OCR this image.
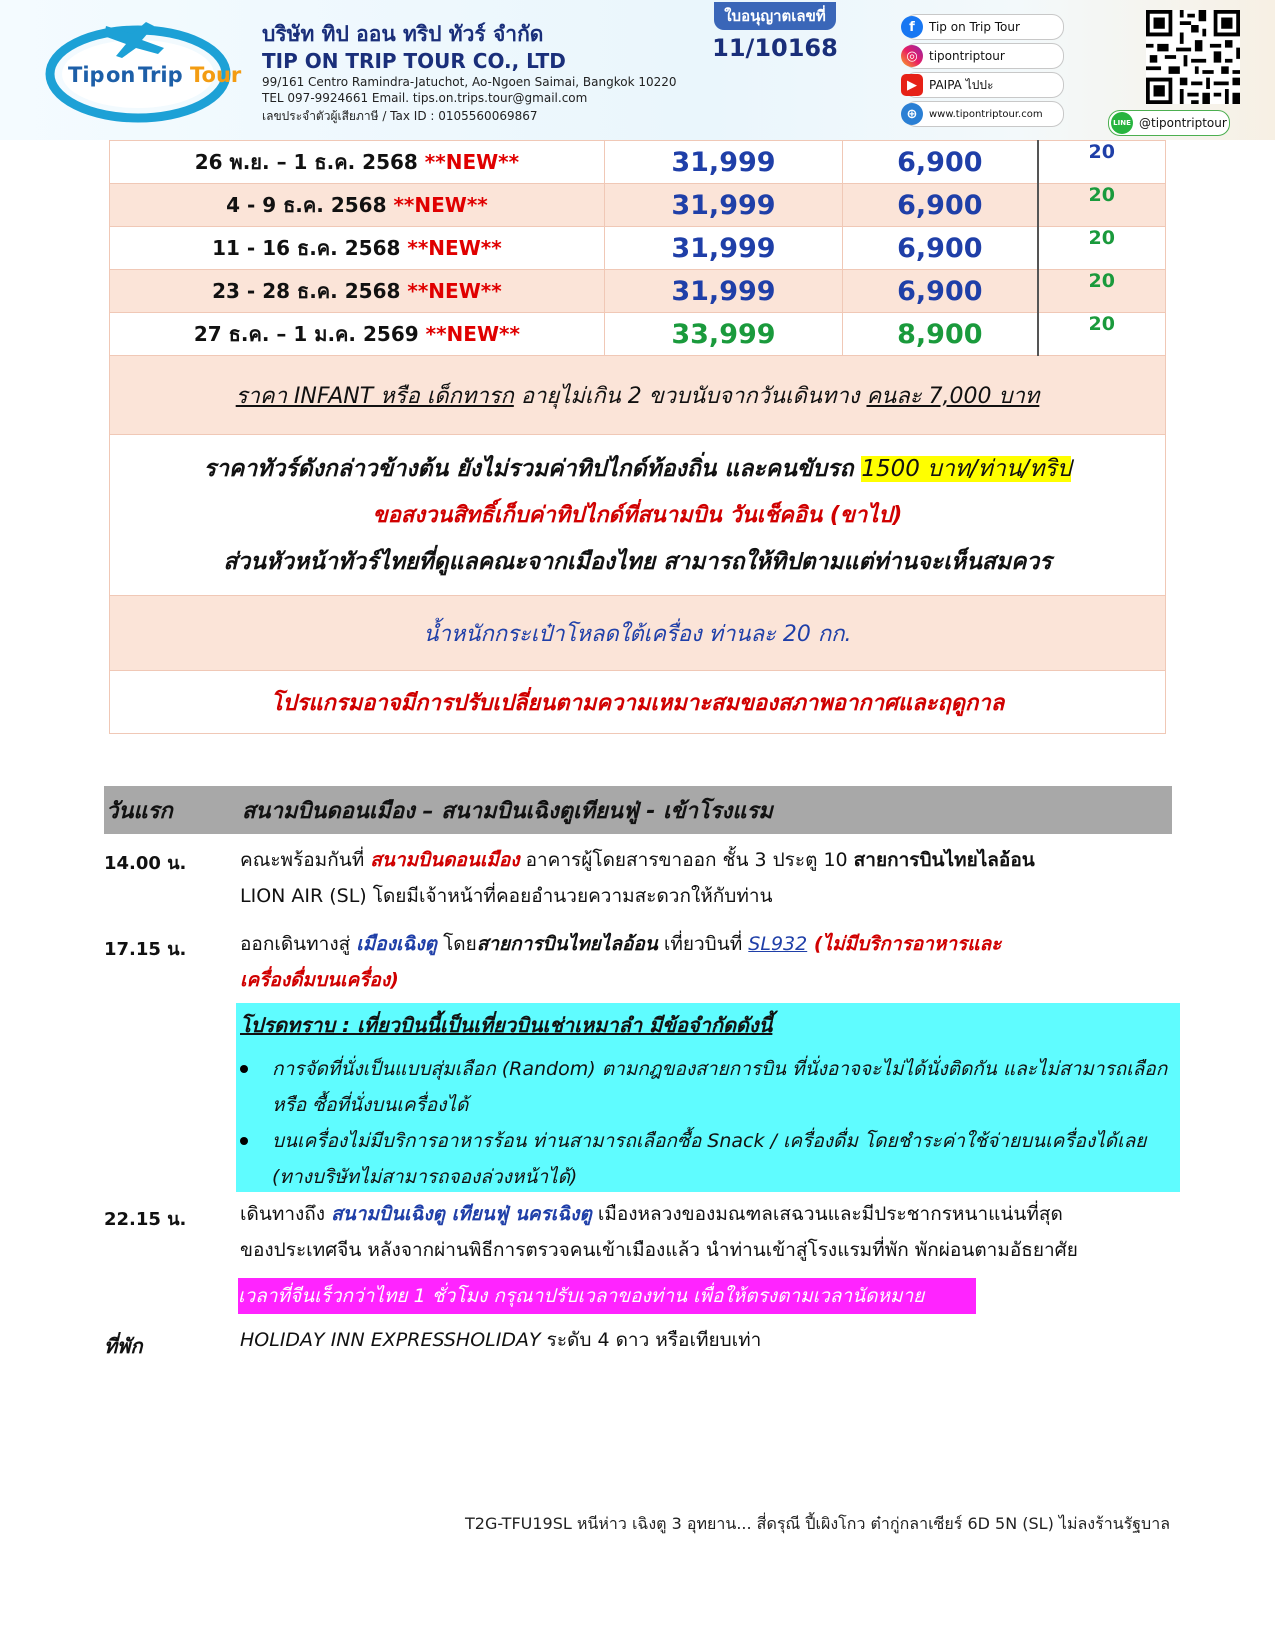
Tip on Trip Tour
บริษัท ทิป ออน ทริป ทัวร์ จำกัด
TIP ON TRIP TOUR CO., LTD
99/161 Centro Ramindra-Jatuchot, Ao-Ngoen Saimai, Bangkok 10220
TEL 097-9924661 Email. tips.on.trips.tour@gmail.com
เลขประจำตัวผู้เสียภาษี / Tax ID : 0105560069867
ใบอนุญาตเลขที่
11/10168
f	Tip on Trip Tour
◎ tipontriptour
▶	PAIPA ไปปะ
⊕	www.tipontriptour.com
LINE @tipontriptour
26 พ.ย. – 1 ธ.ค. 2568 **NEW**	31,999	6,900	20
4 - 9 ธ.ค. 2568 **NEW**	31,999	6,900	20
11 - 16 ธ.ค. 2568 **NEW**	31,999	6,900	20
23 - 28 ธ.ค. 2568 **NEW**	31,999	6,900	20
27 ธ.ค. – 1 ม.ค. 2569 **NEW**	33,999	8,900	20
ราคา INFANT หรือ เด็กทารก อายุไม่เกิน 2 ขวบนับจากวันเดินทาง คนละ 7,000 บาท			

ราคาทัวร์ดังกล่าวข้างต้น ยังไม่รวมค่าทิปไกด์ท้องถิ่น และคนขับรถ 1500 บาท/ท่าน/ทริป
ขอสงวนสิทธิ์เก็บค่าทิปไกด์ที่สนามบิน วันเช็คอิน (ขาไป)
ส่วนหัวหน้าทัวร์ไทยที่ดูแลคณะจากเมืองไทย สามารถให้ทิปตามแต่ท่านจะเห็นสมควร			

น้ำหนักกระเป๋าโหลดใต้เครื่อง ท่านละ 20 กก.			
โปรแกรมอาจมีการปรับเปลี่ยนตามความเหมาะสมของสภาพอากาศและฤดูกาล			
วันแรก	สนามบินดอนเมือง – สนามบินเฉิงตูเทียนฟู่ - เข้าโรงแรม
14.00 น.	คณะพร้อมกันที่ สนามบินดอนเมือง อาคารผู้โดยสารขาออก ชั้น 3 ประตู 10 สายการบินไทยไลอ้อน
LION AIR (SL) โดยมีเจ้าหน้าที่คอยอำนวยความสะดวกให้กับท่าน
17.15 น.	ออกเดินทางสู่ เมืองเฉิงตู โดยสายการบินไทยไลอ้อน เที่ยวบินที่ SL932 (ไม่มีบริการอาหารและ
เครื่องดื่มบนเครื่อง)
โปรดทราบ : เที่ยวบินนี้เป็นเที่ยวบินเช่าเหมาลำ มีข้อจำกัดดังนี้
การจัดที่นั่งเป็นแบบสุ่มเลือก (Random) ตามกฎของสายการบิน ที่นั่งอาจจะไม่ได้นั่งติดกัน และไม่สามารถเลือก หรือ ซื้อที่นั่งบนเครื่องได้
บนเครื่องไม่มีบริการอาหารร้อน ท่านสามารถเลือกซื้อ Snack / เครื่องดื่ม โดยชำระค่าใช้จ่ายบนเครื่องได้เลย (ทางบริษัทไม่สามารถจองล่วงหน้าได้)
22.15 น.	เดินทางถึง สนามบินเฉิงตู เทียนฟู่ นครเฉิงตู เมืองหลวงของมณฑลเสฉวนและมีประชากรหนาแน่นที่สุด
ของประเทศจีน หลังจากผ่านพิธีการตรวจคนเข้าเมืองแล้ว นำท่านเข้าสู่โรงแรมที่พัก พักผ่อนตามอัธยาศัย
เวลาที่จีนเร็วกว่าไทย 1 ชั่วโมง กรุณาปรับเวลาของท่าน เพื่อให้ตรงตามเวลานัดหมาย
ที่พัก	HOLIDAY INN EXPRESSHOLIDAY ระดับ 4 ดาว หรือเทียบเท่า
T2G-TFU19SL หนีห่าว เฉิงตู 3 อุทยาน... สี่ดรุณี ปี้เผิงโกว ต๋ากู่กลาเซียร์ 6D 5N (SL) ไม่ลงร้านรัฐบาล
